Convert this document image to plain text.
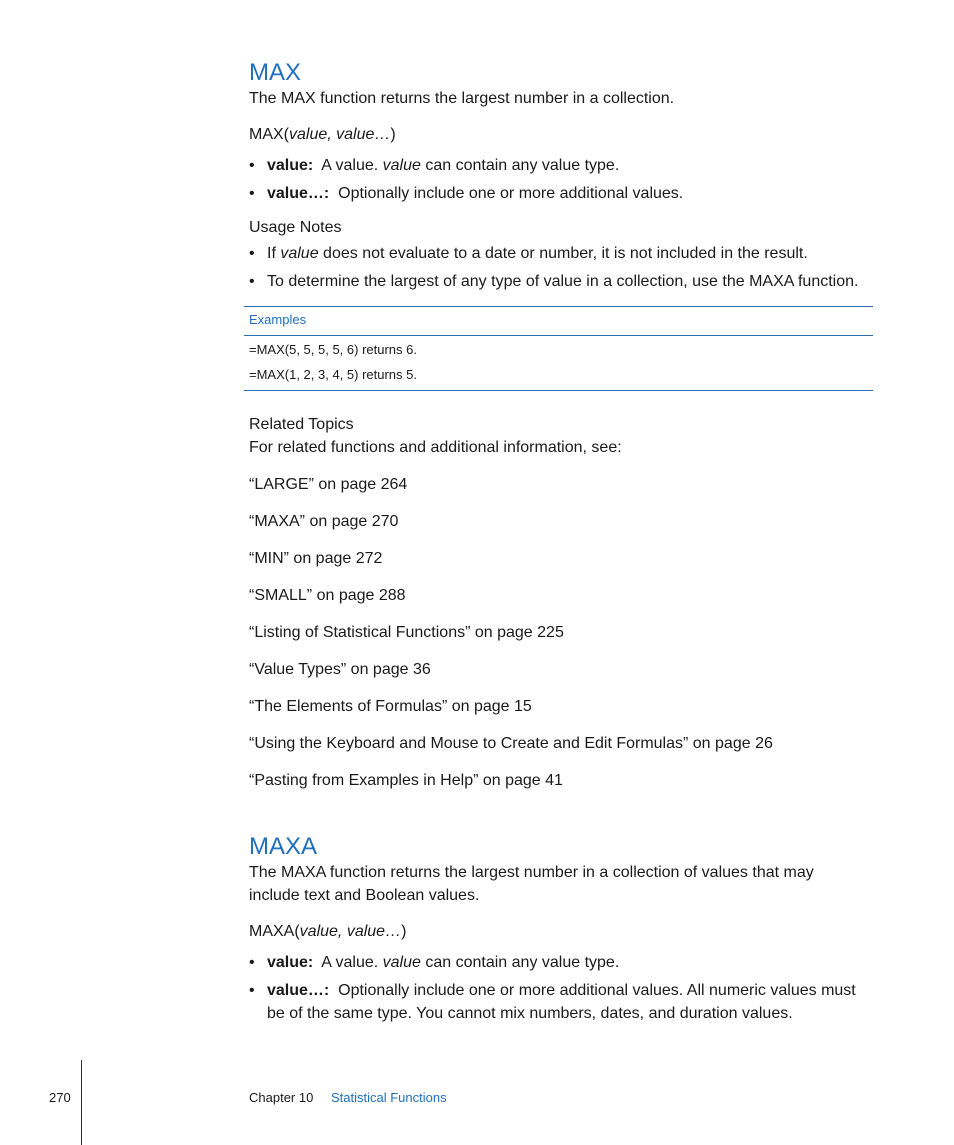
MAX
The MAX function returns the largest number in a collection.
MAX(value, value…)
• value: A value. value can contain any value type.
• value…: Optionally include one or more additional values.
Usage Notes
• If value does not evaluate to a date or number, it is not included in the result.
• To determine the largest of any type of value in a collection, use the MAXA function.
Examples
=MAX(5, 5, 5, 5, 6) returns 6.
=MAX(1, 2, 3, 4, 5) returns 5.
Related Topics
For related functions and additional information, see:
“LARGE” on page 264
“MAXA” on page 270
“MIN” on page 272
“SMALL” on page 288
“Listing of Statistical Functions” on page 225
“Value Types” on page 36
“The Elements of Formulas” on page 15
“Using the Keyboard and Mouse to Create and Edit Formulas” on page 26
“Pasting from Examples in Help” on page 41
MAXA
The MAXA function returns the largest number in a collection of values that may
include text and Boolean values.
MAXA(value, value…)
• value: A value. value can contain any value type.
• value…: Optionally include one or more additional values. All numeric values must
be of the same type. You cannot mix numbers, dates, and duration values.
270	Chapter 10 Statistical Functions
